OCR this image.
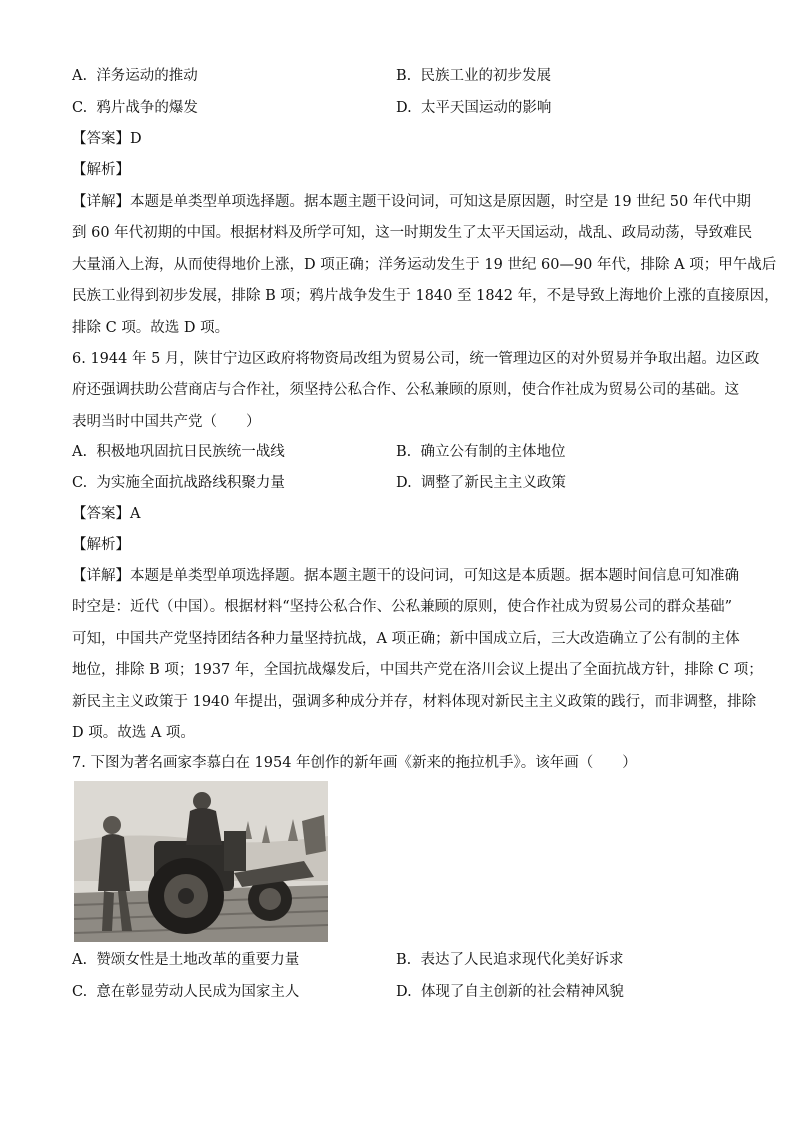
A. 洋务运动的推动	B. 民族工业的初步发展
C. 鸦片战争的爆发	D. 太平天国运动的影响
【答案】D
【解析】
【详解】本题是单类型单项选择题。据本题主题干设问词，可知这是原因题，时空是 19 世纪 50 年代中期
到 60 年代初期的中国。根据材料及所学可知，这一时期发生了太平天国运动，战乱、政局动荡，导致难民
大量涌入上海，从而使得地价上涨，D 项正确；洋务运动发生于 19 世纪 60—90 年代，排除 A 项；甲午战后
民族工业得到初步发展，排除 B 项；鸦片战争发生于 1840 至 1842 年，不是导致上海地价上涨的直接原因，
排除 C 项。故选 D 项。
6. 1944 年 5 月，陕甘宁边区政府将物资局改组为贸易公司，统一管理边区的对外贸易并争取出超。边区政
府还强调扶助公营商店与合作社，须坚持公私合作、公私兼顾的原则，使合作社成为贸易公司的基础。这
表明当时中国共产党（　　）
A. 积极地巩固抗日民族统一战线	B. 确立公有制的主体地位
C. 为实施全面抗战路线积聚力量	D. 调整了新民主主义政策
【答案】A
【解析】
【详解】本题是单类型单项选择题。据本题主题干的设问词，可知这是本质题。据本题时间信息可知准确
时空是：近代（中国）。根据材料“坚持公私合作、公私兼顾的原则，使合作社成为贸易公司的群众基础”
可知，中国共产党坚持团结各种力量坚持抗战，A 项正确；新中国成立后，三大改造确立了公有制的主体
地位，排除 B 项；1937 年，全国抗战爆发后，中国共产党在洛川会议上提出了全面抗战方针，排除 C 项；
新民主主义政策于 1940 年提出，强调多种成分并存，材料体现对新民主主义政策的践行，而非调整，排除
D 项。故选 A 项。
7. 下图为著名画家李慕白在 1954 年创作的新年画《新来的拖拉机手》。该年画（　　）
A. 赞颂女性是土地改革的重要力量	B. 表达了人民追求现代化美好诉求
C. 意在彰显劳动人民成为国家主人	D. 体现了自主创新的社会精神风貌
